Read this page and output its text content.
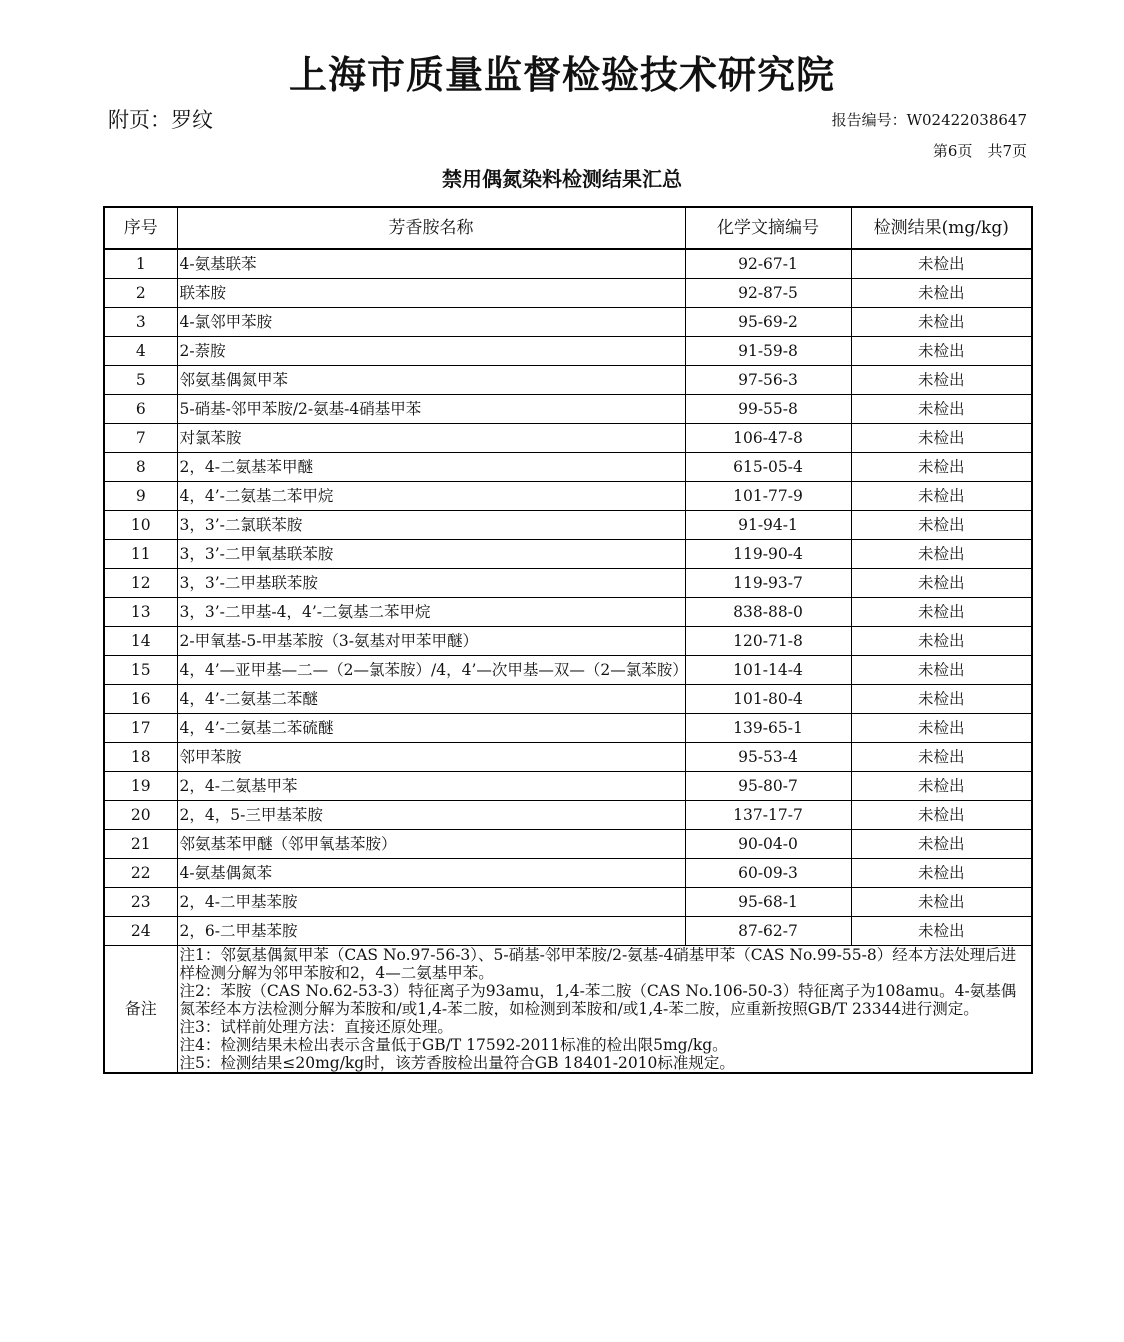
上海市质量监督检验技术研究院
附页：罗纹	报告编号：W02422038647
第6页　共7页
禁用偶氮染料检测结果汇总
序号	芳香胺名称	化学文摘编号	检测结果(mg/kg)
1	4-氨基联苯	92-67-1	未检出
2	联苯胺	92-87-5	未检出
3	4-氯邻甲苯胺	95-69-2	未检出
4	2-萘胺	91-59-8	未检出
5	邻氨基偶氮甲苯	97-56-3	未检出
6	5-硝基-邻甲苯胺/2-氨基-4硝基甲苯	99-55-8	未检出
7	对氯苯胺	106-47-8	未检出
8	2，4-二氨基苯甲醚	615-05-4	未检出
9	4，4’-二氨基二苯甲烷	101-77-9	未检出
10	3，3’-二氯联苯胺	91-94-1	未检出
11	3，3’-二甲氧基联苯胺	119-90-4	未检出
12	3，3’-二甲基联苯胺	119-93-7	未检出
13	3，3’-二甲基-4，4’-二氨基二苯甲烷	838-88-0	未检出
14	2-甲氧基-5-甲基苯胺（3-氨基对甲苯甲醚）	120-71-8	未检出
15	4，4’—亚甲基—二—（2—氯苯胺）/4，4’—次甲基—双—（2—氯苯胺）	101-14-4	未检出
16	4，4’-二氨基二苯醚	101-80-4	未检出
17	4，4’-二氨基二苯硫醚	139-65-1	未检出
18	邻甲苯胺	95-53-4	未检出
19	2，4-二氨基甲苯	95-80-7	未检出
20	2，4，5-三甲基苯胺	137-17-7	未检出
21	邻氨基苯甲醚（邻甲氧基苯胺）	90-04-0	未检出
22	4-氨基偶氮苯	60-09-3	未检出
23	2，4-二甲基苯胺	95-68-1	未检出
24	2，6-二甲基苯胺	87-62-7	未检出
备注	注1：邻氨基偶氮甲苯（CAS No.97-56-3）、5-硝基-邻甲苯胺/2-氨基-4硝基甲苯（CAS No.99-55-8）经本方法处理后进样检测分解为邻甲苯胺和2，4—二氨基甲苯。
注2：苯胺（CAS No.62-53-3）特征离子为93amu，1,4-苯二胺（CAS No.106-50-3）特征离子为108amu。4-氨基偶氮苯经本方法检测分解为苯胺和/或1,4-苯二胺，如检测到苯胺和/或1,4-苯二胺，应重新按照GB/T 23344进行测定。
注3：试样前处理方法：直接还原处理。
注4：检测结果未检出表示含量低于GB/T 17592-2011标准的检出限5mg/kg。
注5：检测结果≤20mg/kg时，该芳香胺检出量符合GB 18401-2010标准规定。		
